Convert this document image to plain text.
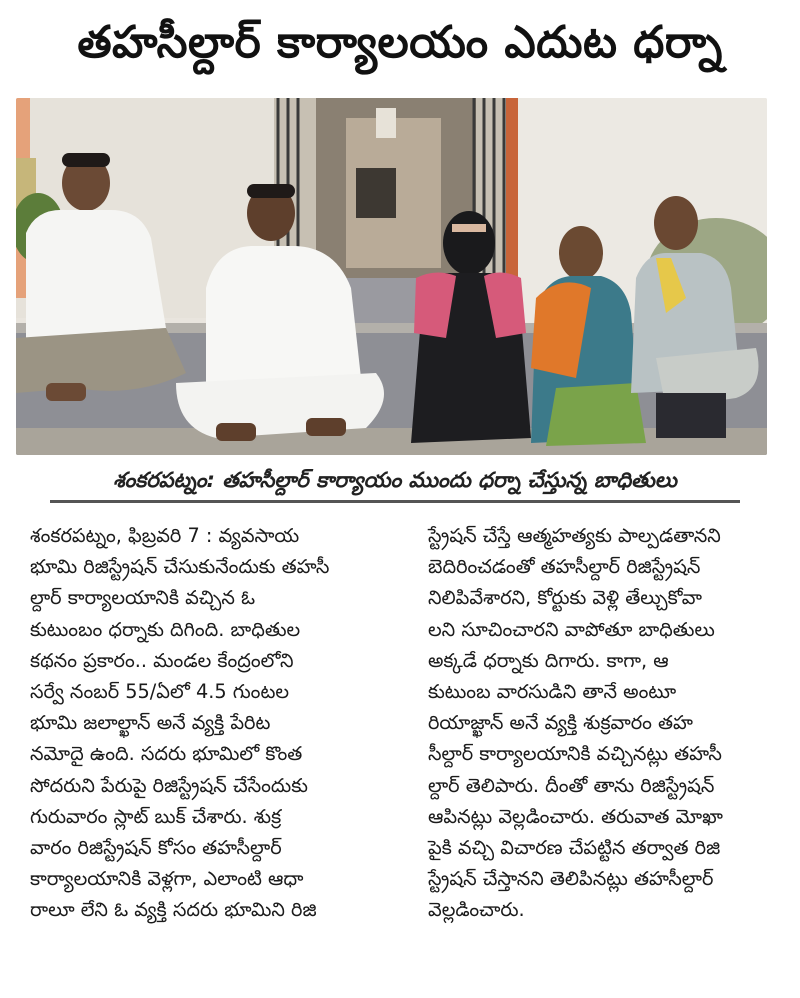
తహసీల్దార్ కార్యాలయం ఎదుట ధర్నా
శంకరపట్నం: తహసీల్దార్ కార్యాయం ముందు ధర్నా చేస్తున్న బాధితులు

శంకరపట్నం, ఫిబ్రవరి 7 : వ్యవసాయ

భూమి రిజిస్ట్రేషన్ చేసుకునేందుకు తహసీ

ల్దార్ కార్యాలయానికి వచ్చిన ఓ

కుటుంబం ధర్నాకు దిగింది. బాధితుల

కథనం ప్రకారం.. మండల కేంద్రంలోని

సర్వే నంబర్ 55/ఏలో 4.5 గుంటల

భూమి జలాల్ఖాన్ అనే వ్యక్తి పేరిట

నమోదై ఉంది. సదరు భూమిలో కొంత

సోదరుని పేరుపై రిజిస్ట్రేషన్ చేసేందుకు

గురువారం స్లాట్ బుక్ చేశారు. శుక్ర

వారం రిజిస్ట్రేషన్ కోసం తహసీల్దార్

కార్యాలయానికి వెళ్లగా, ఎలాంటి ఆధా

రాలూ లేని ఓ వ్యక్తి సదరు భూమిని రిజి

స్ట్రేషన్ చేస్తే ఆత్మహత్యకు పాల్పడతానని

బెదిరించడంతో తహసీల్దార్ రిజిస్ట్రేషన్

నిలిపివేశారని, కోర్టుకు వెళ్లి తేల్చుకోవా

లని సూచించారని వాపోతూ బాధితులు

అక్కడే ధర్నాకు దిగారు. కాగా, ఆ

కుటుంబ వారసుడిని తానే అంటూ

రియాజ్ఖాన్ అనే వ్యక్తి శుక్రవారం తహ

సీల్దార్ కార్యాలయానికి వచ్చినట్లు తహసీ

ల్దార్ తెలిపారు. దీంతో తాను రిజిస్ట్రేషన్

ఆపినట్లు వెల్లడించారు. తరువాత మోఖా

పైకి వచ్చి విచారణ చేపట్టిన తర్వాత రిజి

స్ట్రేషన్ చేస్తానని తెలిపినట్లు తహసీల్దార్

వెల్లడించారు.
